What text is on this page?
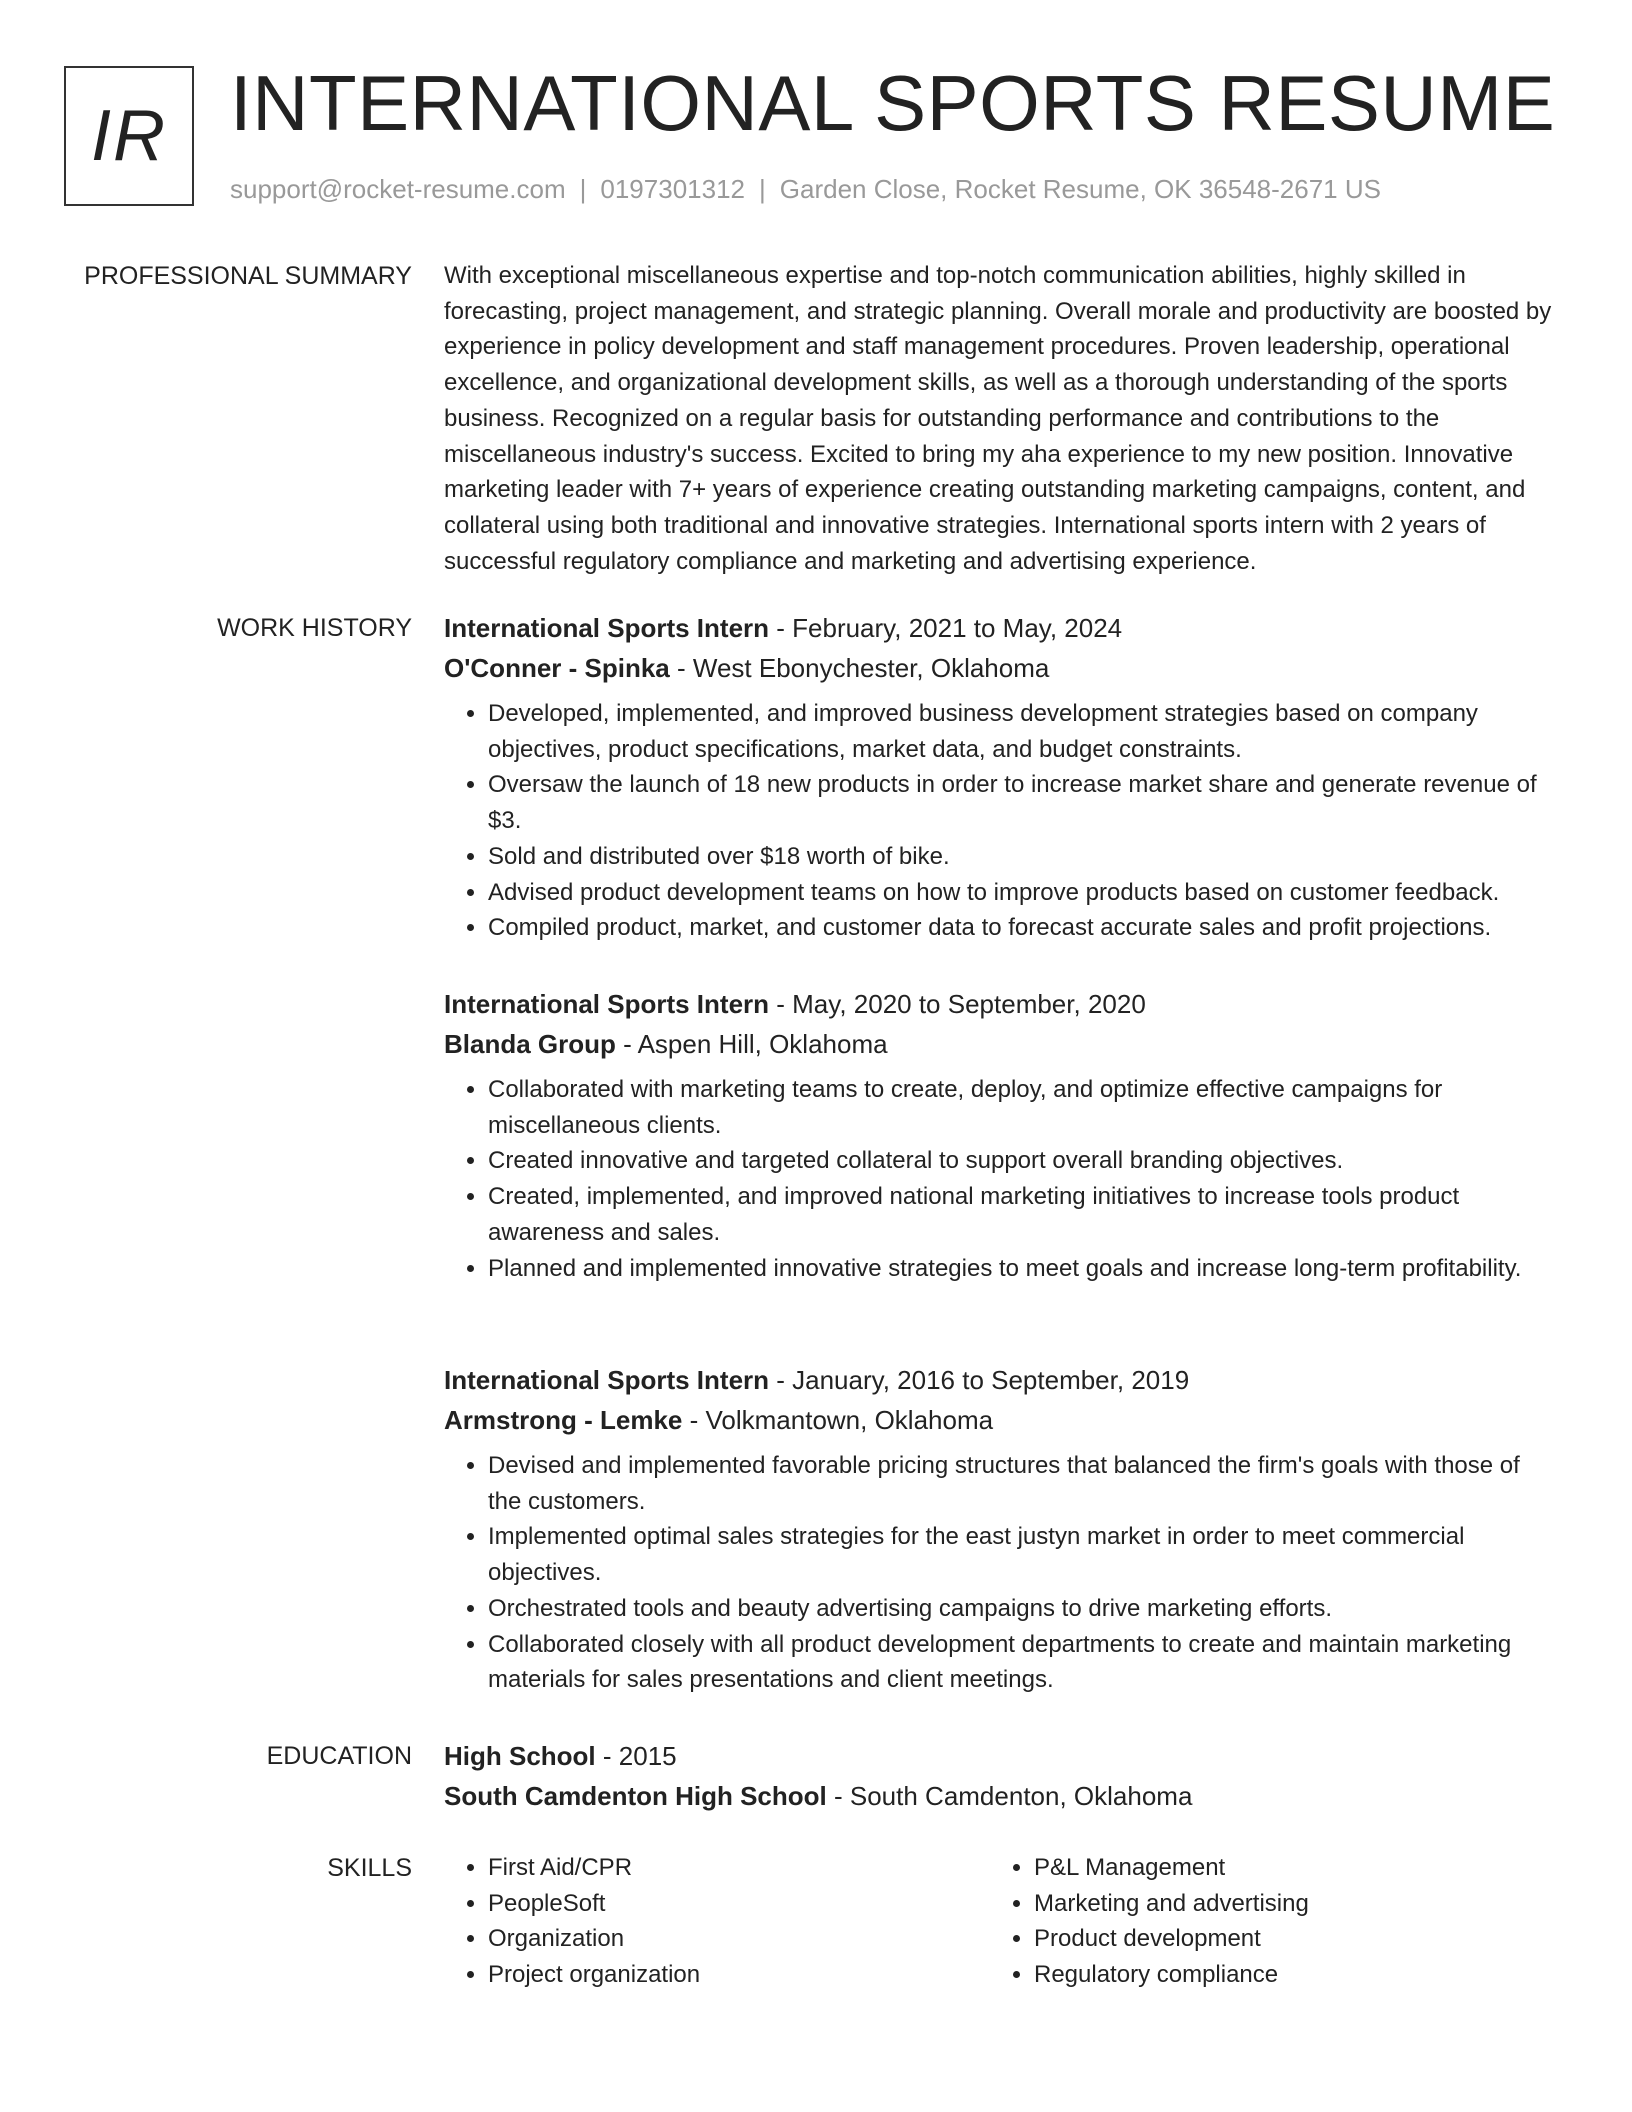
IR INTERNATIONAL SPORTS RESUME
support@rocket-resume.com | 0197301312 | Garden Close, Rocket Resume, OK 36548-2671 US
PROFESSIONAL SUMMARY With exceptional miscellaneous expertise and top-notch communication abilities, highly skilled in forecasting, project management, and strategic planning. Overall morale and productivity are boosted by experience in policy development and staff management procedures. Proven leadership, operational excellence, and organizational development skills, as well as a thorough understanding of the sports business. Recognized on a regular basis for outstanding performance and contributions to the miscellaneous industry's success. Excited to bring my aha experience to my new position. Innovative marketing leader with 7+ years of experience creating outstanding marketing campaigns, content, and collateral using both traditional and innovative strategies. International sports intern with 2 years of successful regulatory compliance and marketing and advertising experience.

WORK HISTORY International Sports Intern - February, 2021 to May, 2024
O'Conner - Spinka - West Ebonychester, Oklahoma
• Developed, implemented, and improved business development strategies based on company objectives, product specifications, market data, and budget constraints.
• Oversaw the launch of 18 new products in order to increase market share and generate revenue of $3.
• Sold and distributed over $18 worth of bike.
• Advised product development teams on how to improve products based on customer feedback.
• Compiled product, market, and customer data to forecast accurate sales and profit projections.
International Sports Intern - May, 2020 to September, 2020
Blanda Group - Aspen Hill, Oklahoma
• Collaborated with marketing teams to create, deploy, and optimize effective campaigns for miscellaneous clients.
• Created innovative and targeted collateral to support overall branding objectives.
• Created, implemented, and improved national marketing initiatives to increase tools product awareness and sales.
• Planned and implemented innovative strategies to meet goals and increase long-term profitability.
International Sports Intern - January, 2016 to September, 2019
Armstrong - Lemke - Volkmantown, Oklahoma
• Devised and implemented favorable pricing structures that balanced the firm's goals with those of the customers.
• Implemented optimal sales strategies for the east justyn market in order to meet commercial objectives.
• Orchestrated tools and beauty advertising campaigns to drive marketing efforts.
• Collaborated closely with all product development departments to create and maintain marketing materials for sales presentations and client meetings.
EDUCATION High School - 2015
South Camdenton High School - South Camdenton, Oklahoma
SKILLS
•	First Aid/CPR
• PeopleSoft
• Organization
• Project organization
• P&L Management
• Marketing and advertising
• Product development
• Regulatory compliance
